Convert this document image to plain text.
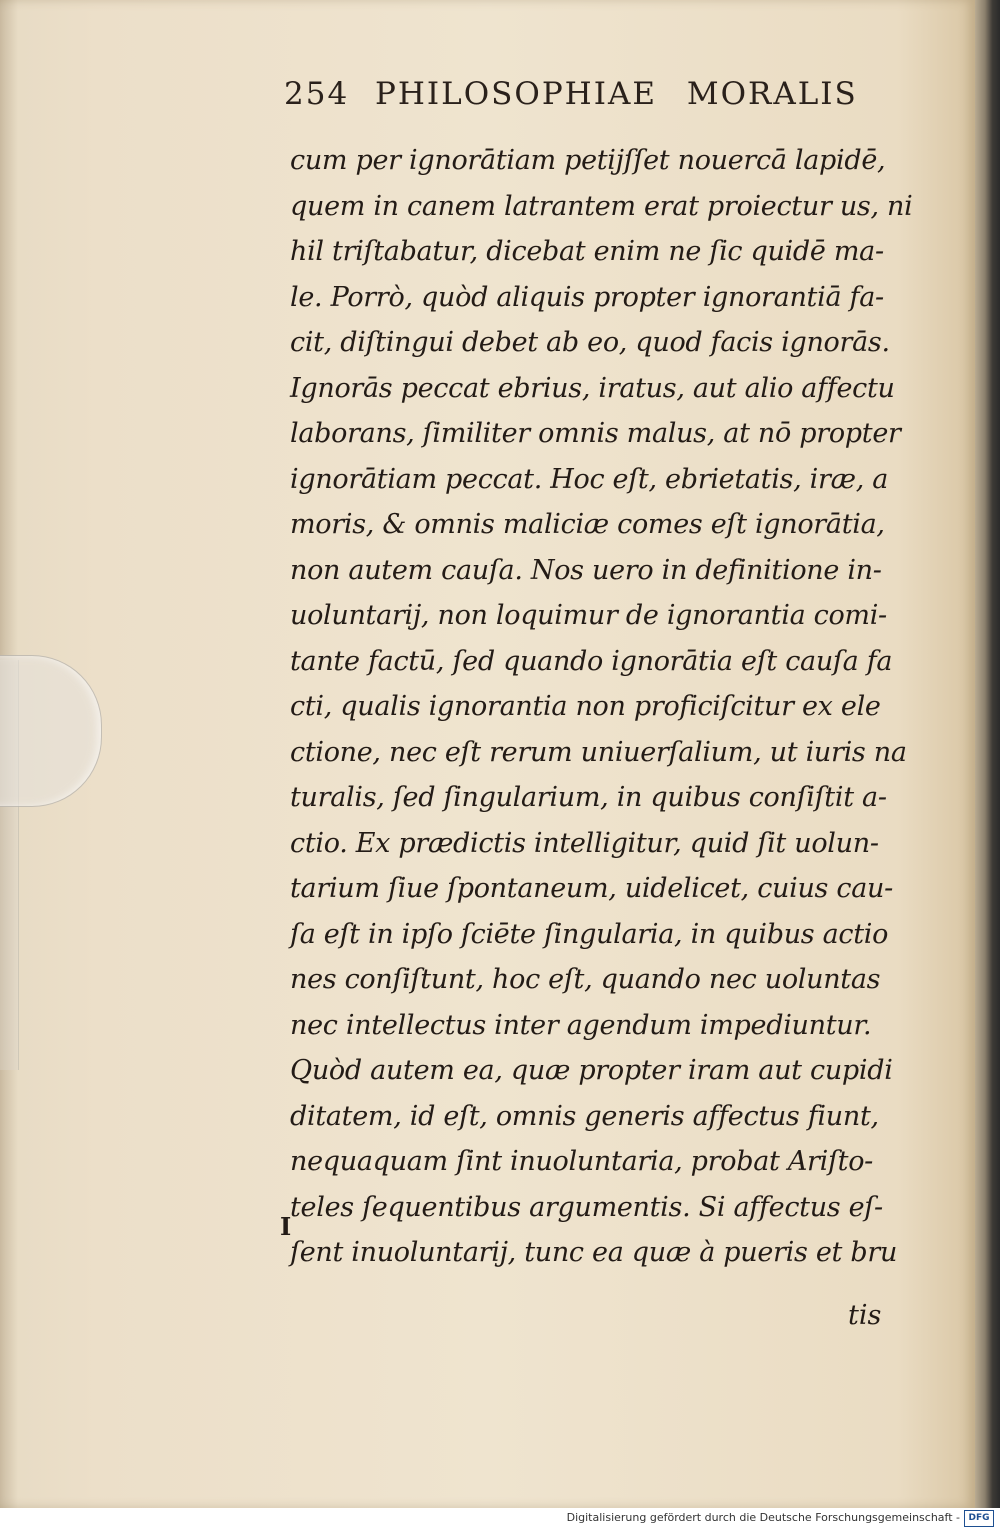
254 PHILOSOPHIAE MORALIS
cum per ignorātiam petijſſet nouercā lapidē,
quem in canem latrantem erat proiectur us, ni
hil triſtabatur, dicebat enim ne ſic quidē ma-
le. Porrò, quòd aliquis propter ignorantiā fa-
cit, diſtingui debet ab eo, quod facis ignorās.
Ignorās peccat ebrius, iratus, aut alio affectu
laborans, ſimiliter omnis malus, at nō propter
ignorātiam peccat. Hoc eſt, ebrietatis, iræ, a
moris, & omnis maliciæ comes eſt ignorātia,
non autem cauſa. Nos uero in definitione in-
uoluntarij, non loquimur de ignorantia comi-
tante factū, ſed quando ignorātia eſt cauſa fa
cti, qualis ignorantia non proficiſcitur ex ele
ctione, nec eſt rerum uniuerſalium, ut iuris na
turalis, ſed ſingularium, in quibus conſiſtit a-
ctio. Ex prædictis intelligitur, quid ſit uolun-
tarium ſiue ſpontaneum, uidelicet, cuius cau-
ſa eſt in ipſo ſciēte ſingularia, in quibus actio
nes conſiſtunt, hoc eſt, quando nec uoluntas
nec intellectus inter agendum impediuntur.
Quòd autem ea, quæ propter iram aut cupidi
ditatem, id eſt, omnis generis affectus fiunt,
nequaquam ſint inuoluntaria, probat Ariſto-
teles ſequentibus argumentis. Si affectus eſ-
ſent inuoluntarij, tunc ea quæ à pueris et bru
I
tis
Digitalisierung gefördert durch die Deutsche Forschungsgemeinschaft - DFG
